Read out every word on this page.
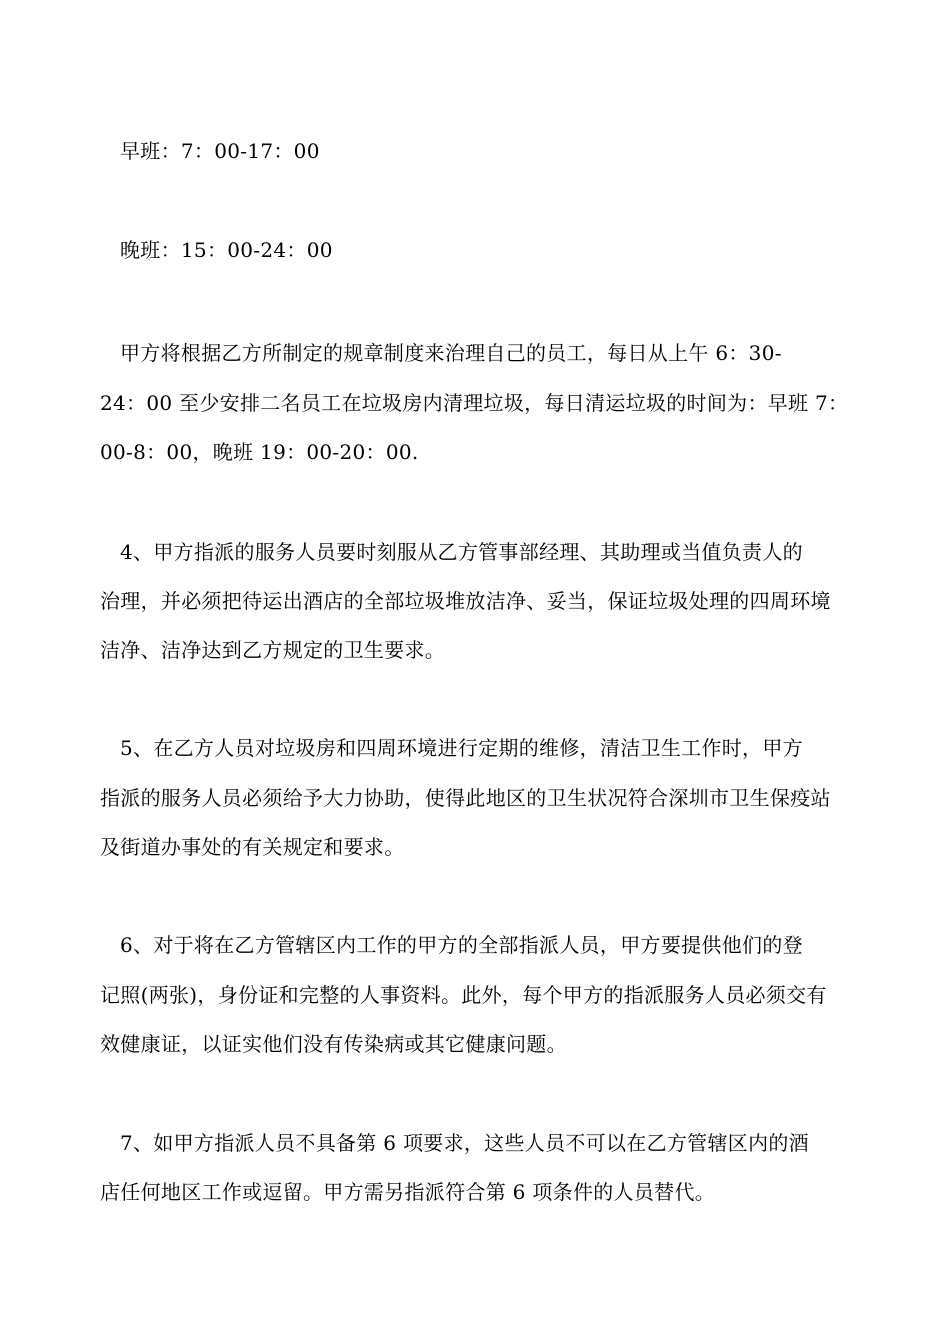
早班：7：00-17：00
晚班：15：00-24：00
甲方将根据乙方所制定的规章制度来治理自己的员工，每日从上午 6：30-
24：00 至少安排二名员工在垃圾房内清理垃圾，每日清运垃圾的时间为：早班 7：
00-8：00，晚班 19：00-20：00.
4、甲方指派的服务人员要时刻服从乙方管事部经理、其助理或当值负责人的
治理，并必须把待运出酒店的全部垃圾堆放洁净、妥当，保证垃圾处理的四周环境
洁净、洁净达到乙方规定的卫生要求。
5、在乙方人员对垃圾房和四周环境进行定期的维修，清洁卫生工作时，甲方
指派的服务人员必须给予大力协助，使得此地区的卫生状况符合深圳市卫生保疫站
及街道办事处的有关规定和要求。
6、对于将在乙方管辖区内工作的甲方的全部指派人员，甲方要提供他们的登
记照(两张)，身份证和完整的人事资料。此外，每个甲方的指派服务人员必须交有
效健康证，以证实他们没有传染病或其它健康问题。
7、如甲方指派人员不具备第 6 项要求，这些人员不可以在乙方管辖区内的酒
店任何地区工作或逗留。甲方需另指派符合第 6 项条件的人员替代。
